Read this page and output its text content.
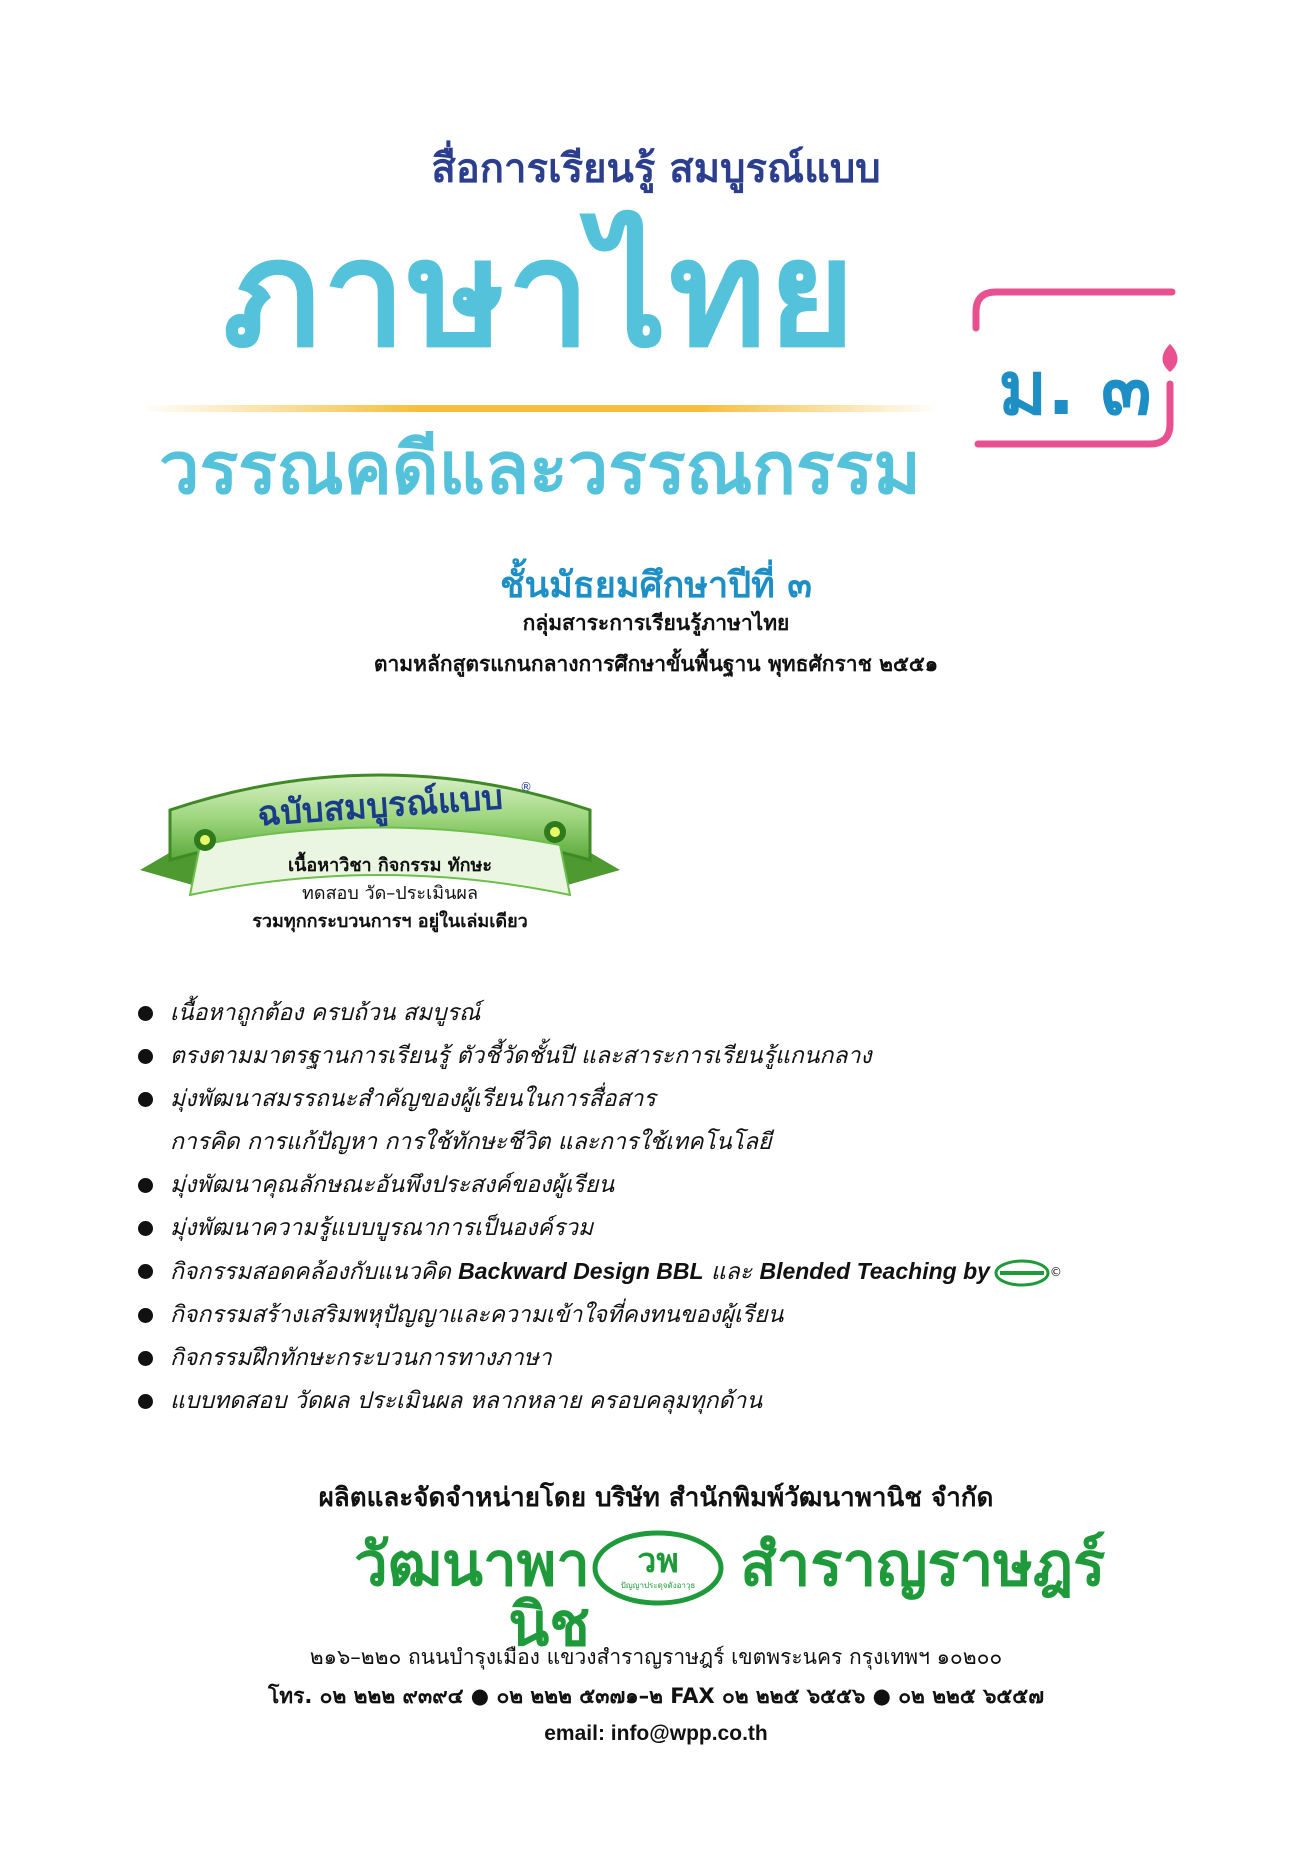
สื่อการเรียนรู้ สมบูรณ์แบบ
ภาษาไทย
วรรณคดีและวรรณกรรม
ม. ๓
ชั้นมัธยมศึกษาปีที่ ๓
กลุ่มสาระการเรียนรู้ภาษาไทย
ตามหลักสูตรแกนกลางการศึกษาขั้นพื้นฐาน พุทธศักราช ๒๕๕๑
ฉบับสมบูรณ์แบบ	®
เนื้อหาวิชา กิจกรรม ทักษะ
ทดสอบ วัด–ประเมินผล
รวมทุกกระบวนการฯ อยู่ในเล่มเดียว
เนื้อหาถูกต้อง ครบถ้วน สมบูรณ์
ตรงตามมาตรฐานการเรียนรู้ ตัวชี้วัดชั้นปี และสาระการเรียนรู้แกนกลาง
มุ่งพัฒนาสมรรถนะสำคัญของผู้เรียนในการสื่อสาร
การคิด การแก้ปัญหา การใช้ทักษะชีวิต และการใช้เทคโนโลยี
มุ่งพัฒนาคุณลักษณะอันพึงประสงค์ของผู้เรียน
มุ่งพัฒนาความรู้แบบบูรณาการเป็นองค์รวม
กิจกรรมสอดคล้องกับแนวคิด Backward Design BBL และ Blended Teaching by	©
กิจกรรมสร้างเสริมพหุปัญญาและความเข้าใจที่คงทนของผู้เรียน
กิจกรรมฝึกทักษะกระบวนการทางภาษา
แบบทดสอบ วัดผล ประเมินผล หลากหลาย ครอบคลุมทุกด้าน
ผลิตและจัดจำหน่ายโดย บริษัท สำนักพิมพ์วัฒนาพานิช จำกัด
วัฒนาพานิช
วพ
ปัญญาประดุจดังอาวุธ สำราญราษฎร์
๒๑๖–๒๒๐ ถนนบำรุงเมือง แขวงสำราญราษฎร์ เขตพระนคร กรุงเทพฯ ๑๐๒๐๐
โทร. ๐๒ ๒๒๒ ๙๓๙๔ ● ๐๒ ๒๒๒ ๕๓๗๑–๒ FAX ๐๒ ๒๒๕ ๖๕๕๖ ● ๐๒ ๒๒๕ ๖๕๕๗
email: info@wpp.co.th
